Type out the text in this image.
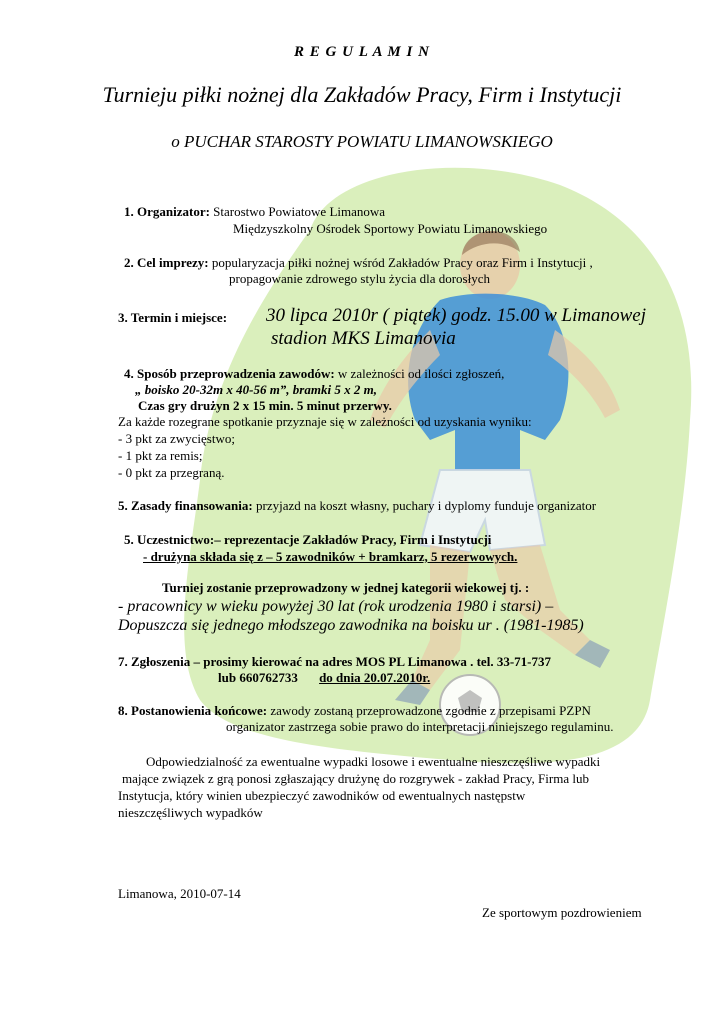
R E G U L A M I N
Turnieju piłki nożnej dla Zakładów Pracy, Firm i Instytucji
o PUCHAR STAROSTY POWIATU LIMANOWSKIEGO
1. Organizator: Starostwo Powiatowe Limanowa
Międzyszkolny Ośrodek Sportowy Powiatu Limanowskiego
2. Cel imprezy: popularyzacja piłki nożnej wśród Zakładów Pracy oraz Firm i Instytucji ,
propagowanie zdrowego stylu życia dla dorosłych
3. Termin i miejsce: 30 lipca 2010r ( piątek) godz. 15.00 w Limanowej
stadion MKS Limanovia
4. Sposób przeprowadzenia zawodów: w zależności od ilości zgłoszeń,
„ boisko 20-32m x 40-56 m”, bramki 5 x 2 m,
Czas gry drużyn 2 x 15 min. 5 minut przerwy.
Za każde rozegrane spotkanie przyznaje się w zależności od uzyskania wyniku:
- 3 pkt za zwycięstwo;
- 1 pkt za remis;
- 0 pkt za przegraną.
5. Zasady finansowania: przyjazd na koszt własny, puchary i dyplomy funduje organizator
5. Uczestnictwo:– reprezentacje Zakładów Pracy, Firm i Instytucji
- drużyna składa się z – 5 zawodników + bramkarz, 5 rezerwowych.
Turniej zostanie przeprowadzony w jednej kategorii wiekowej tj. :
- pracownicy w wieku powyżej 30 lat (rok urodzenia 1980 i starsi) –
Dopuszcza się jednego młodszego zawodnika na boisku ur . (1981-1985)
7. Zgłoszenia – prosimy kierować na adres MOS PL Limanowa . tel. 33-71-737
lub 660762733 do dnia 20.07.2010r.
8. Postanowienia końcowe: zawody zostaną przeprowadzone zgodnie z przepisami PZPN
organizator zastrzega sobie prawo do interpretacji niniejszego regulaminu.
Odpowiedzialność za ewentualne wypadki losowe i ewentualne nieszczęśliwe wypadki
mające związek z grą ponosi zgłaszający drużynę do rozgrywek - zakład Pracy, Firma lub
Instytucja, który winien ubezpieczyć zawodników od ewentualnych następstw
nieszczęśliwych wypadków
Limanowa, 2010-07-14
Ze sportowym pozdrowieniem
